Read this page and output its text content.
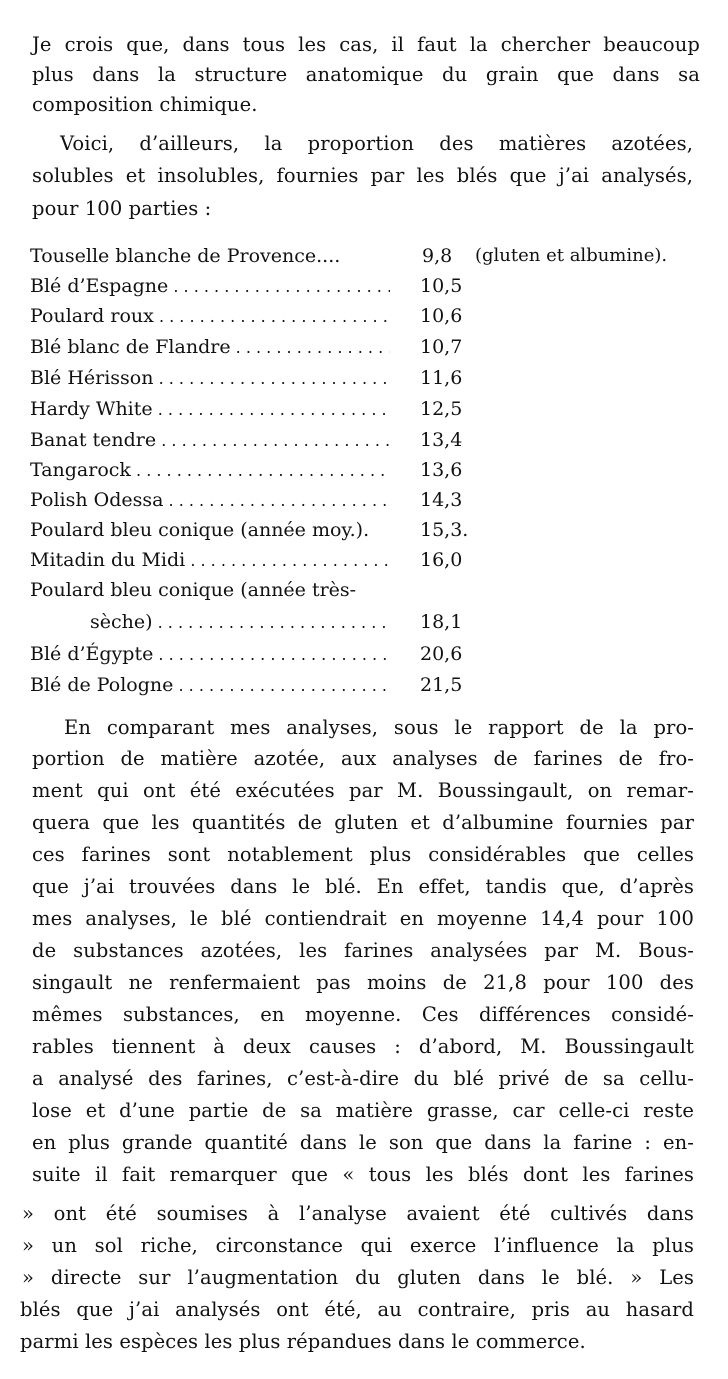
Je crois que, dans tous les cas, il faut la chercher beaucoup
plus dans la structure anatomique du grain que dans sa
composition chimique.
Voici, d’ailleurs, la proportion des matières azotées,
solubles et insolubles, fournies par les blés que j’ai analysés,
pour 100 parties :
Touselle blanche de Provence....	9,8	(gluten et albumine).
Blé d’Espagne . . .	10,5
Poulard roux . . .	10,6
Blé blanc de Flandre . . .	10,7
Blé Hérisson . . .	11,6
Hardy White . . .	12,5
Banat tendre . . .	13,4
Tangarock . . .	13,6
Polish Odessa . . .	14,3
Poulard bleu conique (année moy.).	15,3.
Mitadin du Midi . . .	16,0
Poulard bleu conique (année très-
sèche) . . .	18,1
Blé d’Égypte . . .	20,6
Blé de Pologne . . .	21,5
En comparant mes analyses, sous le rapport de la pro-
portion de matière azotée, aux analyses de farines de fro-
ment qui ont été exécutées par M. Boussingault, on remar-
quera que les quantités de gluten et d’albumine fournies par
ces farines sont notablement plus considérables que celles
que j’ai trouvées dans le blé. En effet, tandis que, d’après
mes analyses, le blé contiendrait en moyenne 14,4 pour 100
de substances azotées, les farines analysées par M. Bous-
singault ne renfermaient pas moins de 21,8 pour 100 des
mêmes substances, en moyenne. Ces différences considé-
rables tiennent à deux causes : d’abord, M. Boussingault
a analysé des farines, c’est-à-dire du blé privé de sa cellu-
lose et d’une partie de sa matière grasse, car celle-ci reste
en plus grande quantité dans le son que dans la farine : en-
suite il fait remarquer que « tous les blés dont les farines
» ont été soumises à l’analyse avaient été cultivés dans
» un sol riche, circonstance qui exerce l’influence la plus
» directe sur l’augmentation du gluten dans le blé. » Les
blés que j’ai analysés ont été, au contraire, pris au hasard
parmi les espèces les plus répandues dans le commerce.
